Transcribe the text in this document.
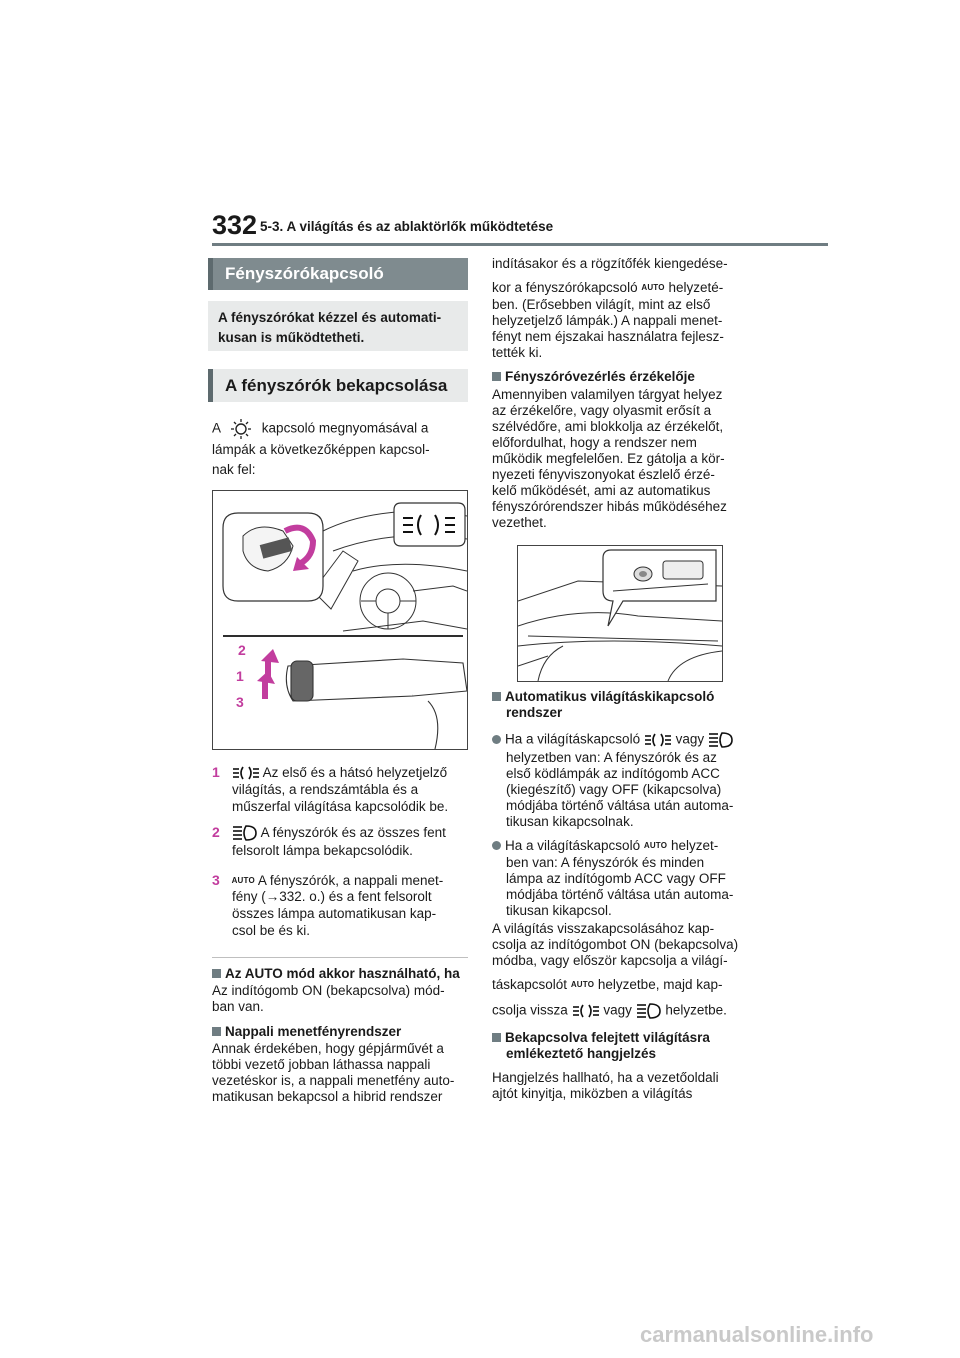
332 5-3. A világítás és az ablaktörlők működtetése
Fényszórókapcsoló
A fényszórókat kézzel és automati-kusan is működtetheti.
A fényszórók bekapcsolása
A	kapcsoló megnyomásával a
lámpák a következőképpen kapcsol-
nak fel:
2
1
3
1	Az első és a hátsó helyzetjelző
világítás, a rendszámtábla és a
műszerfal világítása kapcsolódik be.
2	A fényszórók és az összes fent
felsorolt lámpa bekapcsolódik.
3 AUTO A fényszórók, a nappali menet-
fény (→332. o.) és a fent felsorolt
összes lámpa automatikusan kap-
csol be és ki.
Az AUTO mód akkor használható, ha
Az indítógomb ON (bekapcsolva) mód-
ban van.
Nappali menetfényrendszer
Annak érdekében, hogy gépjárművét a
többi vezető jobban láthassa nappali
vezetéskor is, a nappali menetfény auto-
matikusan bekapcsol a hibrid rendszer
indításakor és a rögzítőfék kiengedése-
kor a fényszórókapcsoló AUTO helyzeté-
ben. (Erősebben világít, mint az első
helyzetjelző lámpák.) A nappali menet-
fényt nem éjszakai használatra fejlesz-
tették ki.
Fényszóróvezérlés érzékelője
Amennyiben valamilyen tárgyat helyez
az érzékelőre, vagy olyasmit erősít a
szélvédőre, ami blokkolja az érzékelőt,
előfordulhat, hogy a rendszer nem
működik megfelelően. Ez gátolja a kör-
nyezeti fényviszonyokat észlelő érzé-
kelő működését, ami az automatikus
fényszórórendszer hibás működéséhez
vezethet.
Automatikus világításkikapcsoló
rendszer
Ha a világításkapcsoló	vagy
helyzetben van: A fényszórók és az
első ködlámpák az indítógomb ACC
(kiegészítő) vagy OFF (kikapcsolva)
módjába történő váltása után automa-
tikusan kikapcsolnak.
Ha a világításkapcsoló AUTO helyzet-
ben van: A fényszórók és minden
lámpa az indítógomb ACC vagy OFF
módjába történő váltása után automa-
tikusan kikapcsol.
A világítás visszakapcsolásához kap-
csolja az indítógombot ON (bekapcsolva)
módba, vagy először kapcsolja a világí-
táskapcsolót AUTO helyzetbe, majd kap-
csolja vissza	vagy helyzetbe.
Bekapcsolva felejtett világításra
emlékeztető hangjelzés
Hangjelzés hallható, ha a vezetőoldali
ajtót kinyitja, miközben a világítás
carmanualsonline.info
